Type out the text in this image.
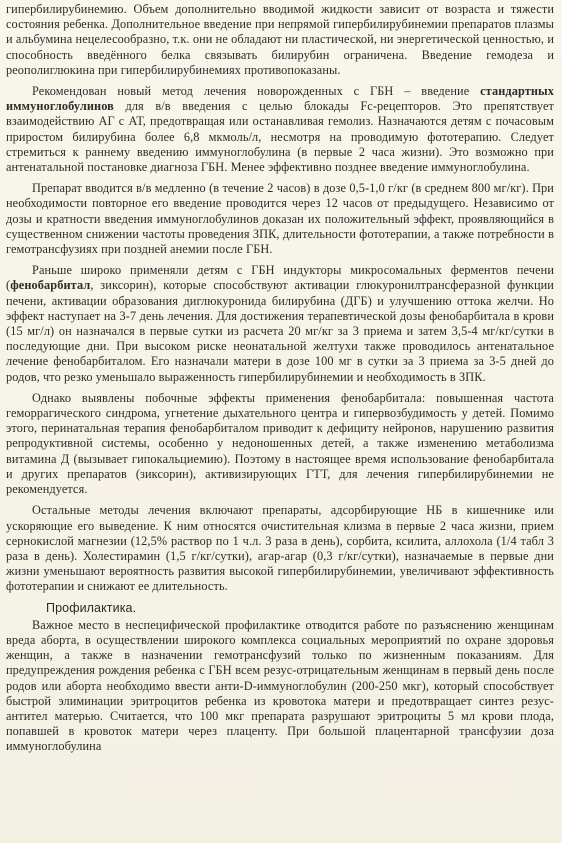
гипербилирубинемию. Объем дополнительно вводимой жидкости зависит от возраста и тяжести состояния ребенка. Дополнительное введение при непрямой гипербилирубинемии препаратов плазмы и альбумина нецелесообразно, т.к. они не обладают ни пластической, ни энергетической ценностью, и способность введённого белка связывать билирубин ограничена. Введение гемодеза и реополиглюкина при гипербилирубинемиях противопоказаны.

Рекомендован новый метод лечения новорожденных с ГБН – введение стандартных иммуноглобулинов для в/в введения с целью блокады Fc-рецепторов. Это препятствует взаимодействию АГ с АТ, предотвращая или останавливая гемолиз. Назначаются детям с почасовым приростом билирубина более 6,8 мкмоль/л, несмотря на проводимую фототерапию. Следует стремиться к раннему введению иммуноглобулина (в первые 2 часа жизни). Это возможно при антенатальной постановке диагноза ГБН. Менее эффективно позднее введение иммуноглобулина.

Препарат вводится в/в медленно (в течение 2 часов) в дозе 0,5-1,0 г/кг (в среднем 800 мг/кг). При необходимости повторное его введение проводится через 12 часов от предыдущего. Независимо от дозы и кратности введения иммуноглобулинов доказан их положительный эффект, проявляющийся в существенном снижении частоты проведения ЗПК, длительности фототерапии, а также потребности в гемотрансфузиях при поздней анемии после ГБН.

Раньше широко применяли детям с ГБН индукторы микросомальных ферментов печени (фенобарбитал, зиксорин), которые способствуют активации глюкуронилтрансферазной функции печени, активации образования диглюкуронида билирубина (ДГБ) и улучшению оттока желчи. Но эффект наступает на 3-7 день лечения. Для достижения терапевтической дозы фенобарбитала в крови (15 мг/л) он назначался в первые сутки из расчета 20 мг/кг за 3 приема и затем 3,5-4 мг/кг/сутки в последующие дни. При высоком риске неонатальной желтухи также проводилось антенатальное лечение фенобарбиталом. Его назначали матери в дозе 100 мг в сутки за 3 приема за 3-5 дней до родов, что резко уменьшало выраженность гипербилирубинемии и необходимость в ЗПК.

Однако выявлены побочные эффекты применения фенобарбитала: повышенная частота геморрагического синдрома, угнетение дыхательного центра и гипервозбудимость у детей. Помимо этого, перинатальная терапия фенобарбиталом приводит к дефициту нейронов, нарушению развития репродуктивной системы, особенно у недоношенных детей, а также изменению метаболизма витамина Д (вызывает гипокальциемию). Поэтому в настоящее время использование фенобарбитала и других препаратов (зиксорин), активизирующих ГТТ, для лечения гипербилирубинемии не рекомендуется.

Остальные методы лечения включают препараты, адсорбирующие НБ в кишечнике или ускоряющие его выведение. К ним относятся очистительная клизма в первые 2 часа жизни, прием сернокислой магнезии (12,5% раствор по 1 ч.л. 3 раза в день), сорбита, ксилита, аллохола (1/4 табл 3 раза в день). Холестирамин (1,5 г/кг/сутки), агар-агар (0,3 г/кг/сутки), назначаемые в первые дни жизни уменьшают вероятность развития высокой гипербилирубинемии, увеличивают эффективность фототерапии и снижают ее длительность.

Профилактика.

Важное место в неспецифической профилактике отводится работе по разъяснению женщинам вреда аборта, в осуществлении широкого комплекса социальных мероприятий по охране здоровья женщин, а также в назначении гемотрансфузий только по жизненным показаниям. Для предупреждения рождения ребенка с ГБН всем резус-отрицательным женщинам в первый день после родов или аборта необходимо ввести анти-D-иммуноглобулин (200-250 мкг), который способствует быстрой элиминации эритроцитов ребенка из кровотока матери и предотвращает синтез резус-антител матерью. Считается, что 100 мкг препарата разрушают эритроциты 5 мл крови плода, попавшей в кровоток матери через плаценту. При большой плацентарной трансфузии доза иммуноглобулина
